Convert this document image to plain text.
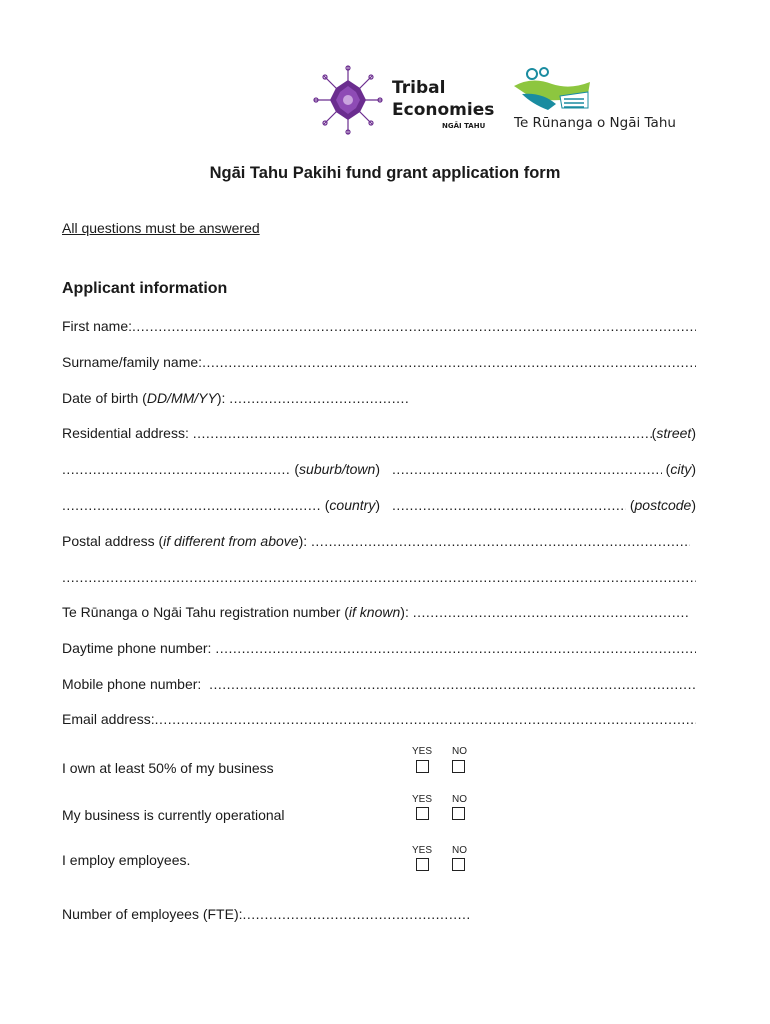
Tribal
Economies
NGĀI TAHU Te Rūnanga o Ngāi Tahu
Ngāi Tahu Pakihi fund grant application form
All questions must be answered
Applicant information
First name:
.....
Surname/family name:
.....
Date of birth (DD/MM/YY):
.....
Residential address:
.....	(street)
.....
(suburb/town) .....	(city)
.....
(country) .....	(postcode)
Postal address (if different from above):
.....
.....
Te Rūnanga o Ngāi Tahu registration number (if known):
.....
Daytime phone number:

.....
Mobile phone number:

.....
Email address:
.....
YES NO
I own at least 50% of my business
YES NO
My business is currently operational
YES NO
I employ employees.
Number of employees (FTE):
.....
